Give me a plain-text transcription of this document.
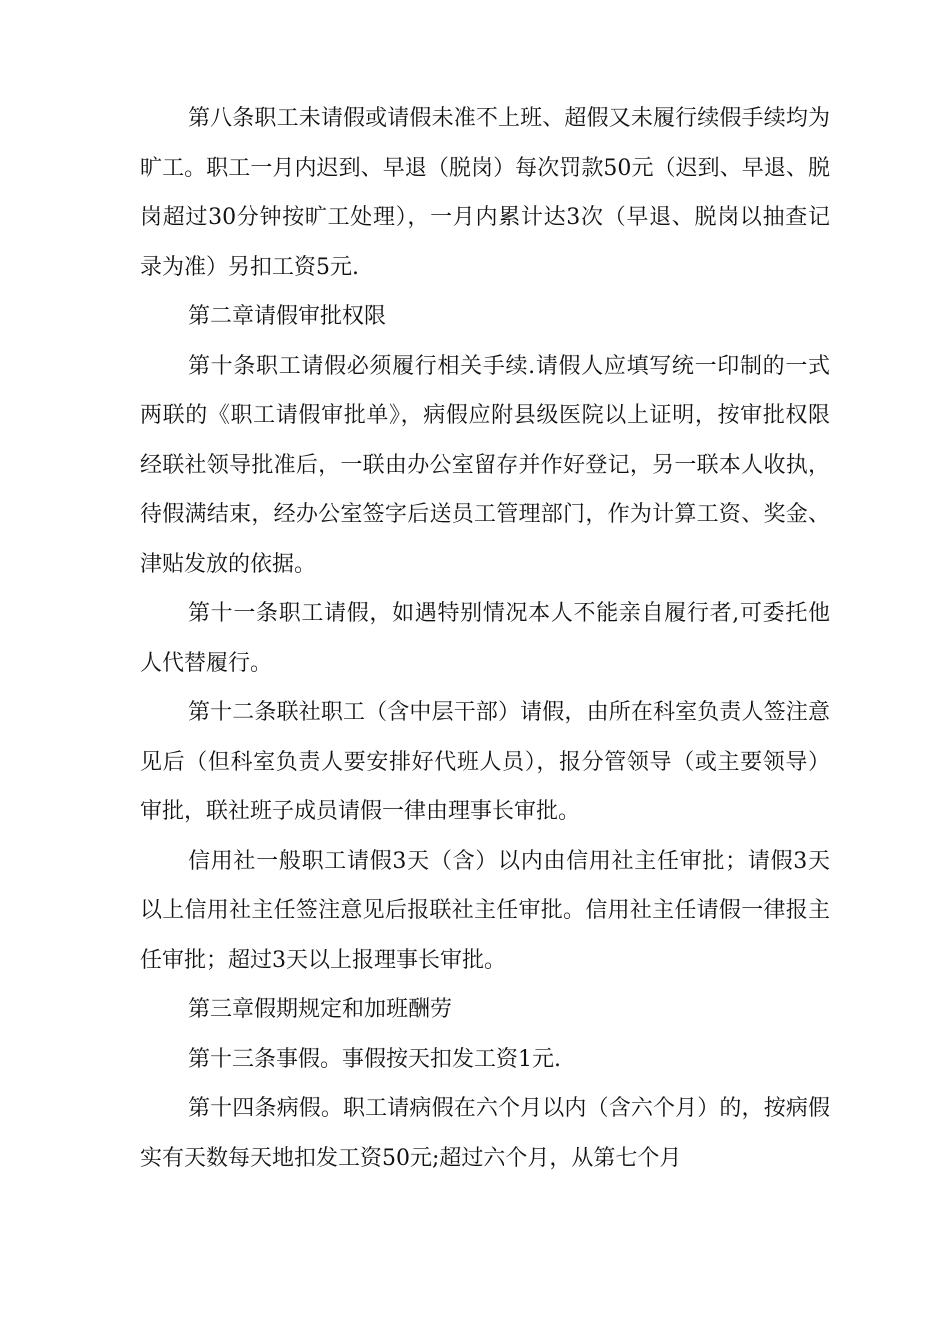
第八条职工未请假或请假未准不上班、超假又未履行续假手续均为旷工。职工一月内迟到、早退（脱岗）每次罚款50元（迟到、早退、脱岗超过30分钟按旷工处理），一月内累计达3次（早退、脱岗以抽查记录为准）另扣工资5元.

第二章请假审批权限

第十条职工请假必须履行相关手续.请假人应填写统一印制的一式两联的《职工请假审批单》，病假应附县级医院以上证明，按审批权限经联社领导批准后，一联由办公室留存并作好登记，另一联本人收执，待假满结束，经办公室签字后送员工管理部门，作为计算工资、奖金、津贴发放的依据。

第十一条职工请假，如遇特别情况本人不能亲自履行者,可委托他人代替履行。

第十二条联社职工（含中层干部）请假，由所在科室负责人签注意见后（但科室负责人要安排好代班人员），报分管领导（或主要领导）审批，联社班子成员请假一律由理事长审批。

信用社一般职工请假3天（含）以内由信用社主任审批；请假3天以上信用社主任签注意见后报联社主任审批。信用社主任请假一律报主任审批；超过3天以上报理事长审批。

第三章假期规定和加班酬劳

第十三条事假。事假按天扣发工资1元.

第十四条病假。职工请病假在六个月以内（含六个月）的，按病假实有天数每天地扣发工资50元;超过六个月，从第七个月
